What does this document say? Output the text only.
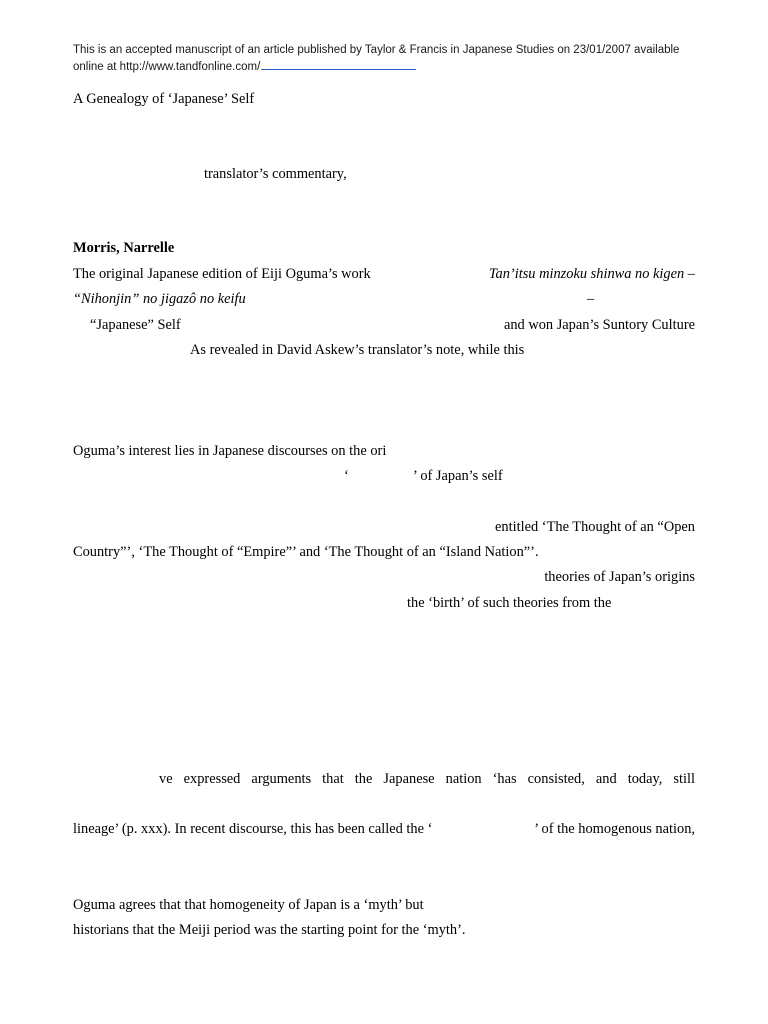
This is an accepted manuscript of an article published by Taylor & Francis in Japanese Studies on 23/01/2007 available
online at http://www.tandfonline.com/
A Genealogy of ‘Japanese’ Self
translator’s commentary,
Morris, Narrelle
The original Japanese edition of Eiji Oguma’s work	Tan’itsu minzoku shinwa no kigen –
“Nihonjin” no jigazô no keifu	–
“Japanese” Self	and won Japan’s Suntory Culture
As revealed in David Askew’s translator’s note, while this
Oguma’s interest lies in Japanese discourses on the ori
‘	’ of Japan’s self
entitled ‘The Thought of an “Open
Country”’, ‘The Thought of “Empire”’ and ‘The Thought of an “Island Nation”’.
theories of Japan’s origins
the ‘birth’ of such theories from the
ve expressed arguments that the Japanese nation ‘has consisted, and today, still
lineage’ (p. xxx). In recent discourse, this has been called the ‘	’ of the homogenous nation,
Oguma agrees that that homogeneity of Japan is a ‘myth’ but
historians that the Meiji period was the starting point for the ‘myth’.
